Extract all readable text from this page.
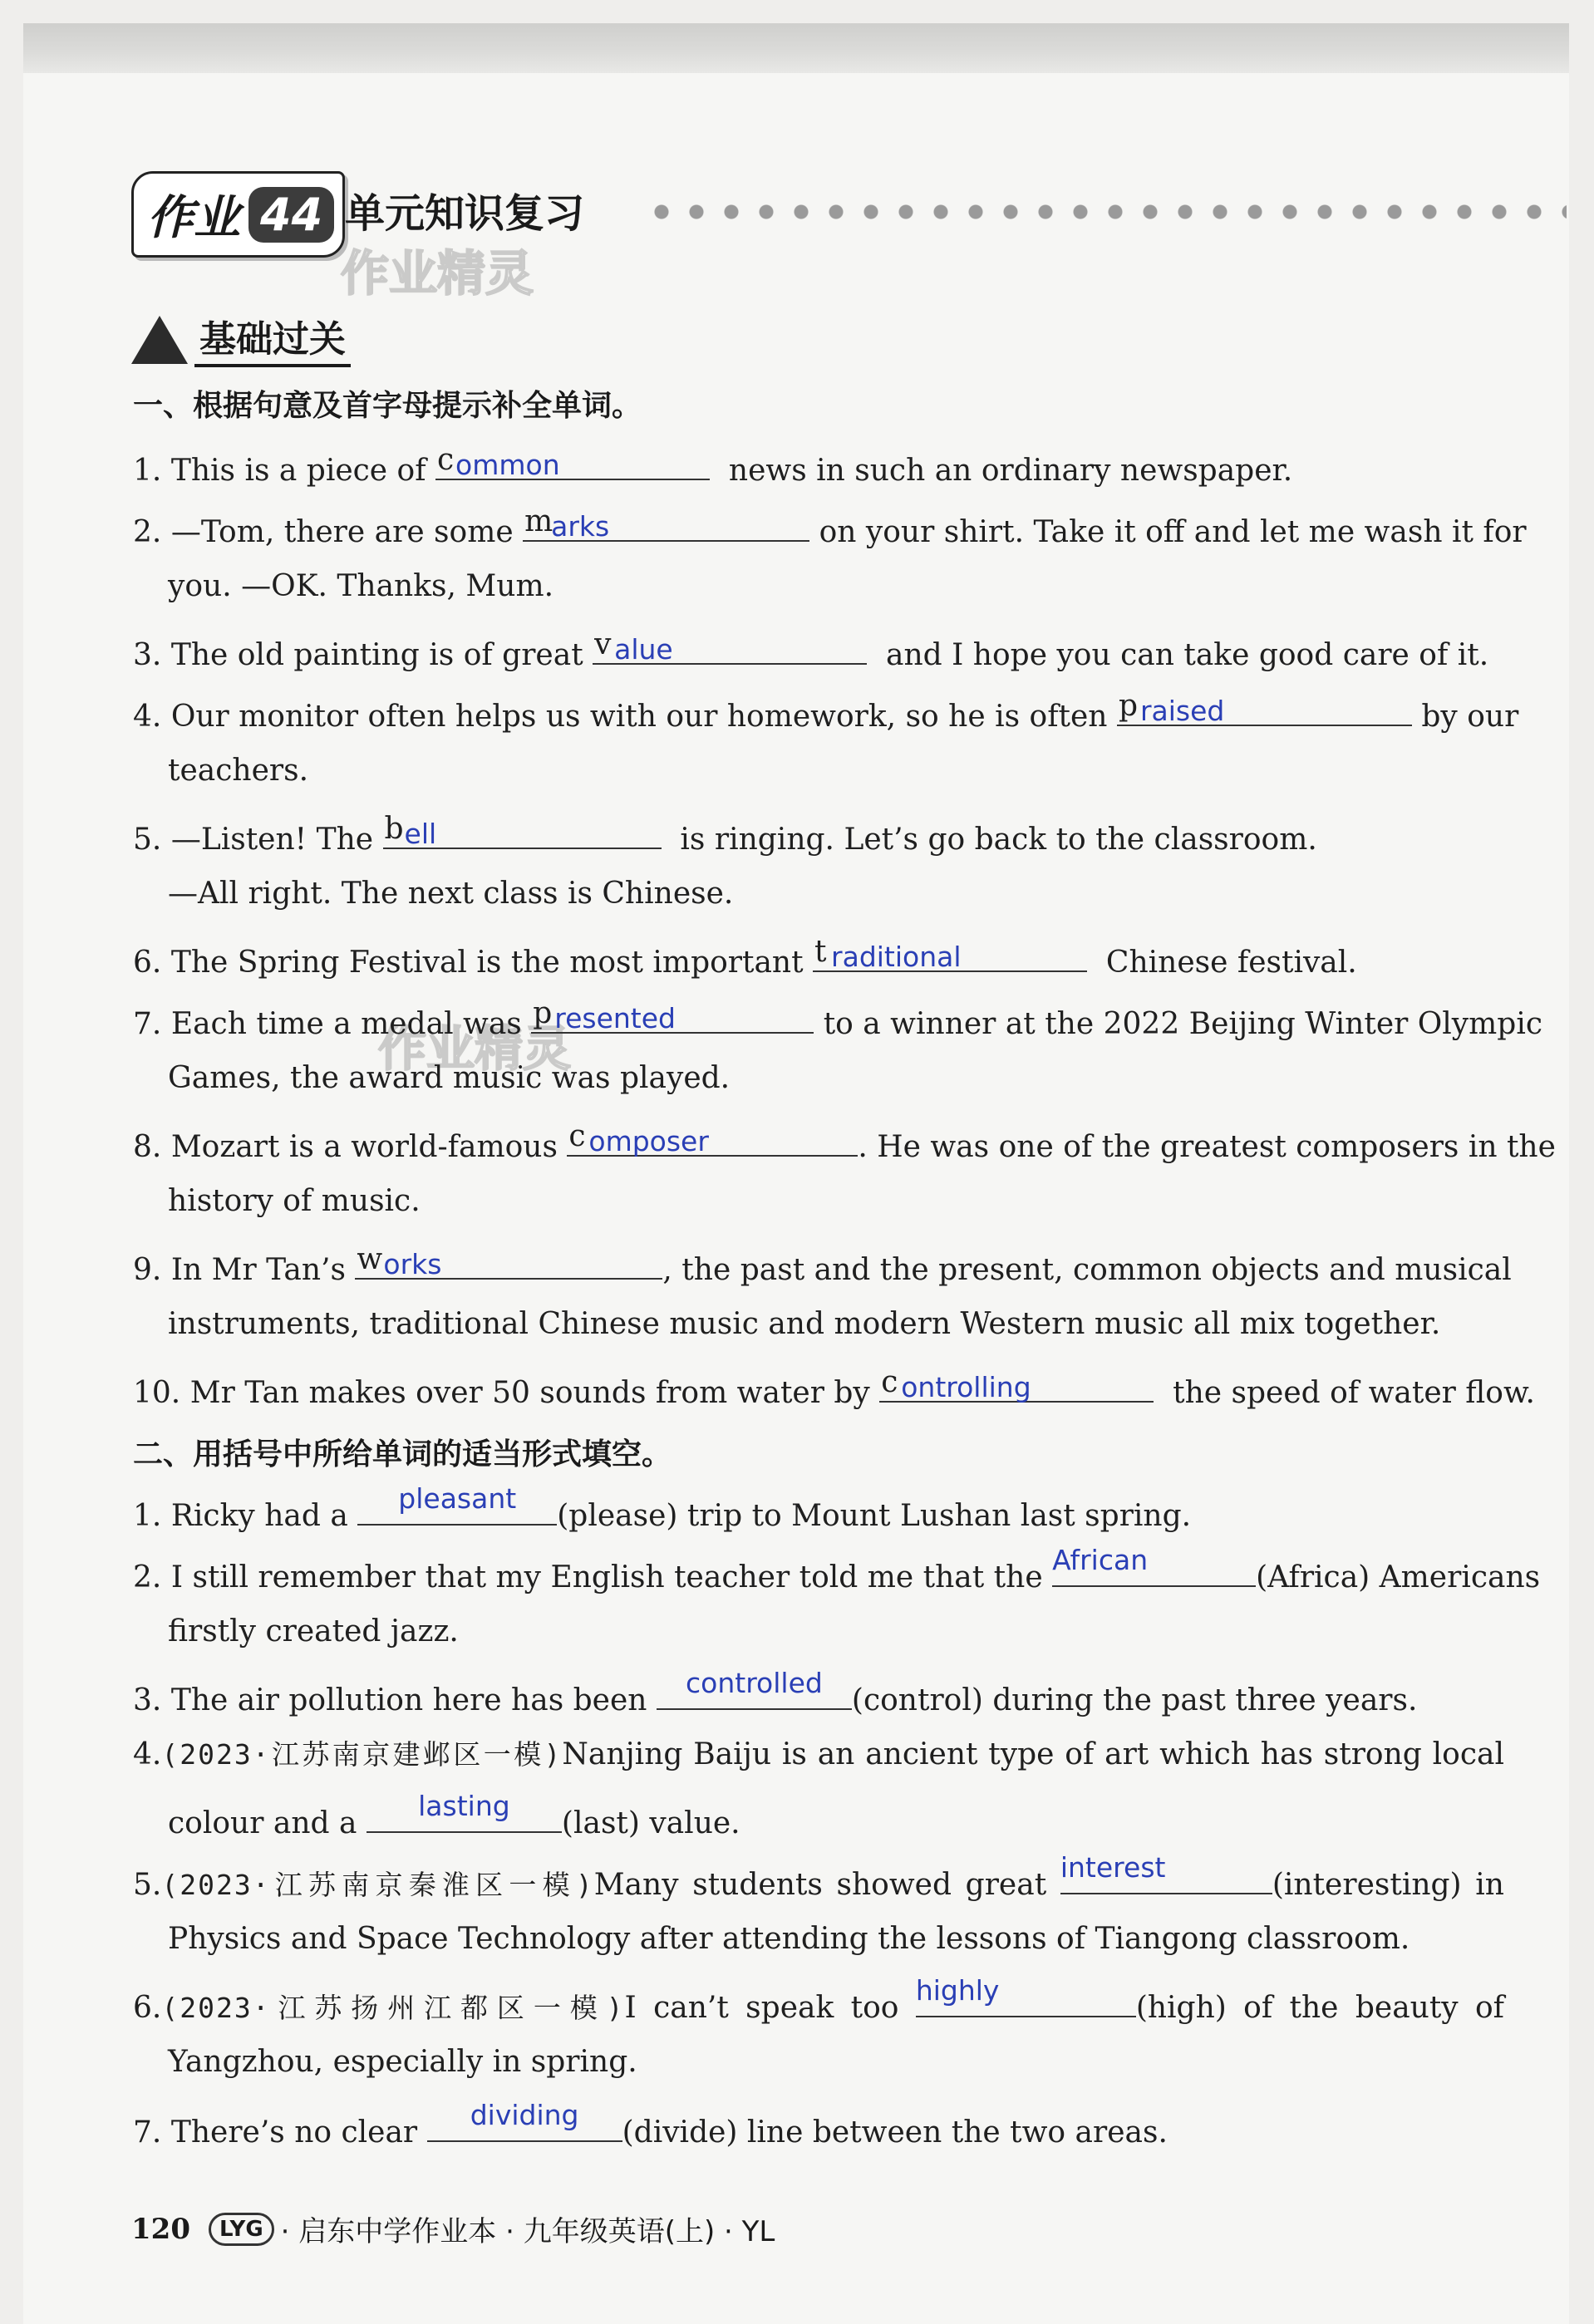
作业 44 单元知识复习
作业精灵
作业精灵
基础过关
一、根据句意及首字母提示补全单词。
1. This is a piece of c ommon	news in such an ordinary newspaper.
2. —Tom, there are some m
arks	on your shirt. Take it off and let me wash it for
you. —OK. Thanks, Mum.
3. The old painting is of great v alue	and I hope you can take good care of it.
4. Our monitor often helps us with our homework, so he is often p raised	by our
teachers.
5. —Listen! The b ell	is ringing. Let’s go back to the classroom.
—All right. The next class is Chinese.
6. The Spring Festival is the most important t raditional	Chinese festival.
7. Each time a medal was p resented	to a winner at the 2022 Beijing Winter Olympic
Games, the award music was played.
8. Mozart is a world-famous c omposer	. He was one of the greatest composers in the
history of music.
9. In Mr Tan’s w orks	, the past and the present, common objects and musical
instruments, traditional Chinese music and modern Western music all mix together.
10. Mr Tan makes over 50 sounds from water by c ontrolling	the speed of water flow.
二、用括号中所给单词的适当形式填空。
1. Ricky had a
pleasant
(please) trip to Mount Lushan last spring.
2. I still remember that my English teacher told me that the
African
(Africa) Americans
firstly created jazz.
3. The air pollution here has been
controlled
(control) during the past three years.
4.(2023·江苏南京建邺区一模)Nanjing Baiju is an ancient type of art which has strong local
colour and a
lasting
(last) value.
5.(2023·江苏南京秦淮区一模)Many students showed great
interest
(interesting) in
Physics and Space Technology after attending the lessons of Tiangong classroom.
6.(2023·江苏扬州江都区一模)I can’t speak too
highly
(high) of the beauty of
Yangzhou, especially in spring.
7. There’s no clear
dividing
(divide) line between the two areas.
120	LYG · 启东中学作业本 · 九年级英语(上) · YL
